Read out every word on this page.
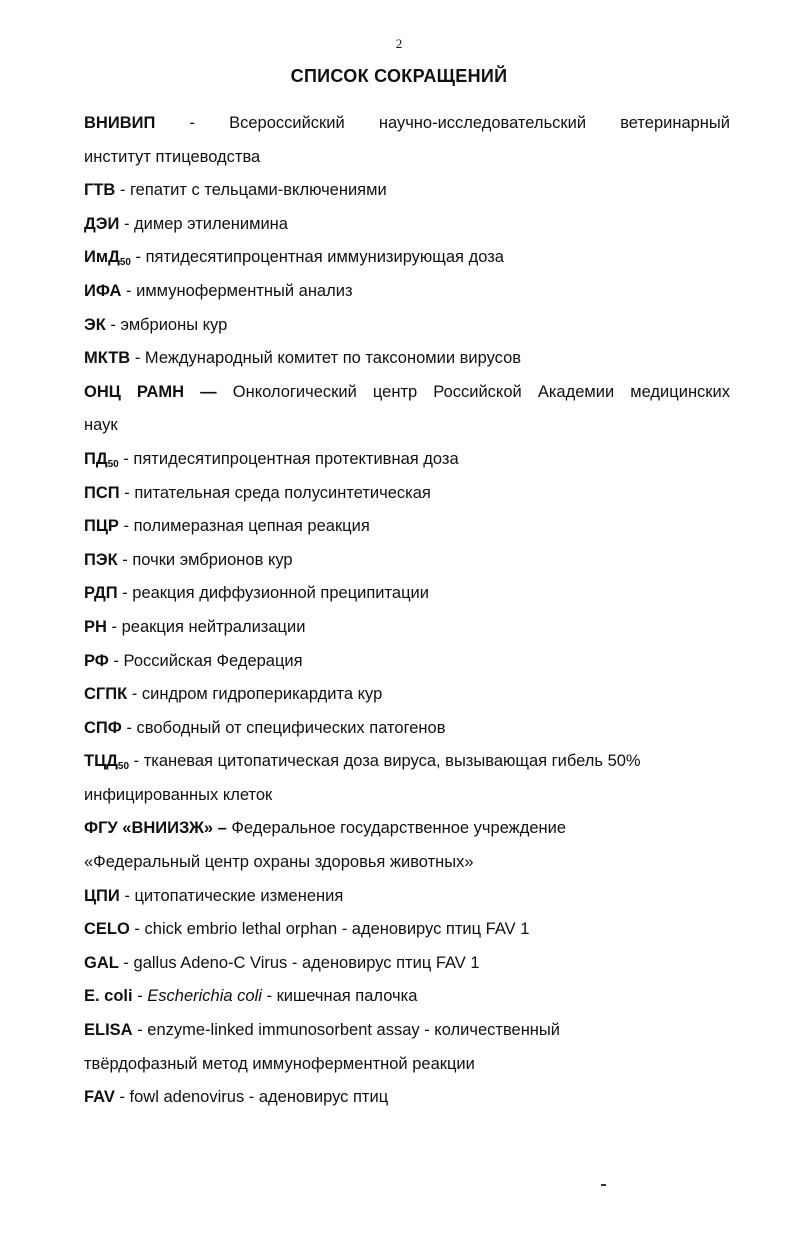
2
СПИСОК СОКРАЩЕНИЙ
ВНИВИП - Всероссийский научно-исследовательский ветеринарный
институт птицеводства
ГТВ - гепатит с тельцами-включениями
ДЭИ - димер этиленимина
ИмД$_{50}$ - пятидесятипроцентная иммунизирующая доза
ИФА - иммуноферментный анализ
ЭК - эмбрионы кур
МКТВ - Международный комитет по таксономии вирусов
ОНЦ РАМН — Онкологический центр Российской Академии медицинских
наук
$ПД_{50}$ - пятидесятипроцентная протективная доза
ПСП - питательная среда полусинтетическая
ПЦР - полимеразная цепная реакция
ПЭК - почки эмбрионов кур
РДП - реакция диффузионной преципитации
РН - реакция нейтрализации
РФ - Российская Федерация
СГПК - синдром гидроперикардита кур
СПФ - свободный от специфических патогенов
$ТЦД_{50}$ - тканевая цитопатическая доза вируса, вызывающая гибель 50%
инфицированных клеток
ФГУ «ВНИИЗЖ» – Федеральное государственное учреждение
«Федеральный центр охраны здоровья животных»
ЦПИ - цитопатические изменения
CELO - chick embrio lethal orphan - аденовирус птиц FAV 1
GAL - gallus Adeno-C Virus - аденовирус птиц FAV 1
E. coli - Escherichia coli - кишечная палочка
ELISA - enzyme-linked immunosorbent assay - количественный
твёрдофазный метод иммуноферментной реакции
FAV - fowl adenovirus - аденовирус птиц
